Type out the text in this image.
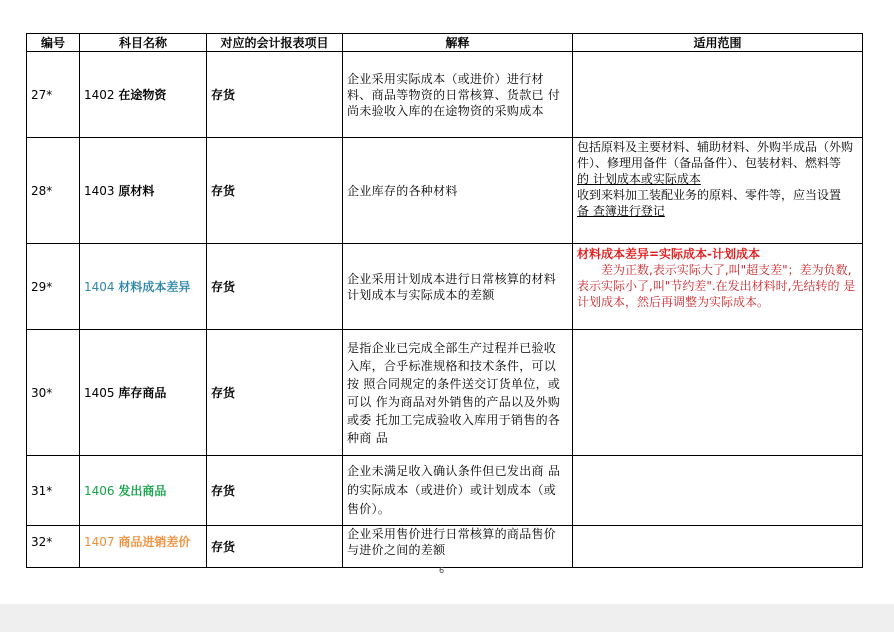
编号	科目名称	对应的会计报表项目	解释	适用范围
27*	1402 在途物资	存货	企业采用实际成本（或进价）进行材料、商品等物资的日常核算、货款已 付尚未验收入库的在途物资的采购成本	
28*	1403 原材料	存货	企业库存的各种材料	包括原料及主要材料、辅助材料、外购半成品（外购

件）、修理用备件（备品备件）、包装材料、燃料等

的 计划成本或实际成本

收到来料加工装配业务的原料、零件等，应当设置

备 查簿进行登记

29*	1404 材料成本差异	存货	企业采用计划成本进行日常核算的材料计划成本与实际成本的差额	材料成本差异=实际成本-计划成本

差为正数,表示实际大了,叫"超支差"；差为负数,表示实际小了,叫"节约差".在发出材料时,先结转的 是计划成本，然后再调整为实际成本。

30*	1405 库存商品	存货	是指企业已完成全部生产过程并已验收入库，合乎标准规格和技术条件，可以按 照合同规定的条件送交订货单位，或可以 作为商品对外销售的产品以及外购或委 托加工完成验收入库用于销售的各种商 品	
31*	1406 发出商品	存货	企业未满足收入确认条件但已发出商 品的实际成本（或进价）或计划成本（或售价）。	
32*	1407 商品进销差价	存货	企业采用售价进行日常核算的商品售价与进价之间的差额	
6
